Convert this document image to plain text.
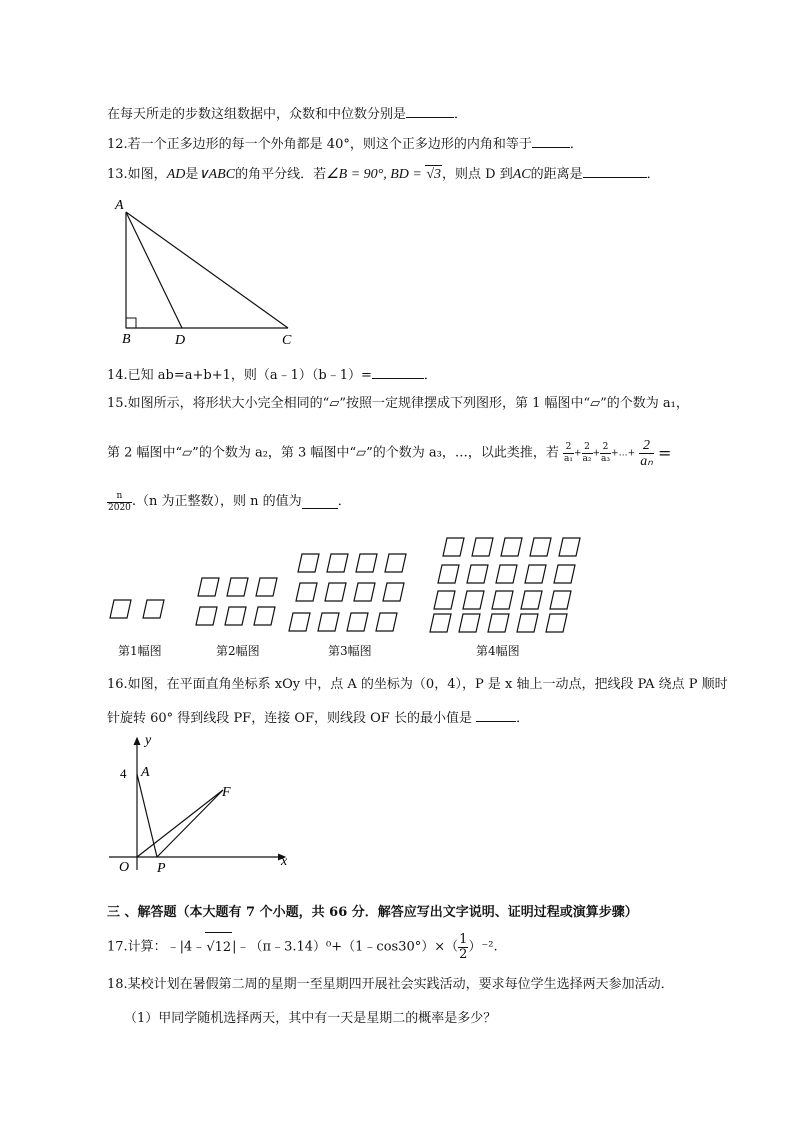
在每天所走的步数这组数据中，众数和中位数分别是	．
12.若一个正多边形的每一个外角都是 40°，则这个正多边形的内角和等于	．
13.如图，AD是∨ABC的角平分线．若∠B = 90°, BD = √3，则点 D 到AC的距离是	．
A
B	D	C
14.已知 ab=a+b+1，则（a﹣1）（b﹣1）=	．
15.如图所示，将形状大小完全相同的“▱”按照一定规律摆成下列图形，第 1 幅图中“▱”的个数为 a₁，
第 2 幅图中“▱”的个数为 a₂，第 3 幅图中“▱”的个数为 a₃，…，以此类推，若 $\frac{2}{\text{a₁}} + \frac{2}{\text{a₂}} + \frac{2}{\text{a₃}}$ +…+ $\frac{2}{\text{aₙ}}$ =
$\frac{n}{2020} .(n$ 为正整数），则 n 的值为	．
第1幅图	第2幅图	第3幅图	第4幅图
16.如图，在平面直角坐标系 xOy 中，点 A 的坐标为（0，4），P 是 x 轴上一动点，把线段 PA 绕点 P 顺时
针旋转 60° 得到线段 PF，连接 OF，则线段 OF 长的最小值是	．
y
4 A
F
O P	x
三 、解答题（本大题有 7 个小题，共 66 分．解答应写出文字说明、证明过程或演算步骤）
17.计算：﹣|4﹣√12|﹣（π﹣3.14）⁰+（1﹣cos30°）×（ $\frac{1}{2} )^{-2}$.
18.某校计划在暑假第二周的星期一至星期四开展社会实践活动，要求每位学生选择两天参加活动．
（1）甲同学随机选择两天，其中有一天是星期二的概率是多少？
